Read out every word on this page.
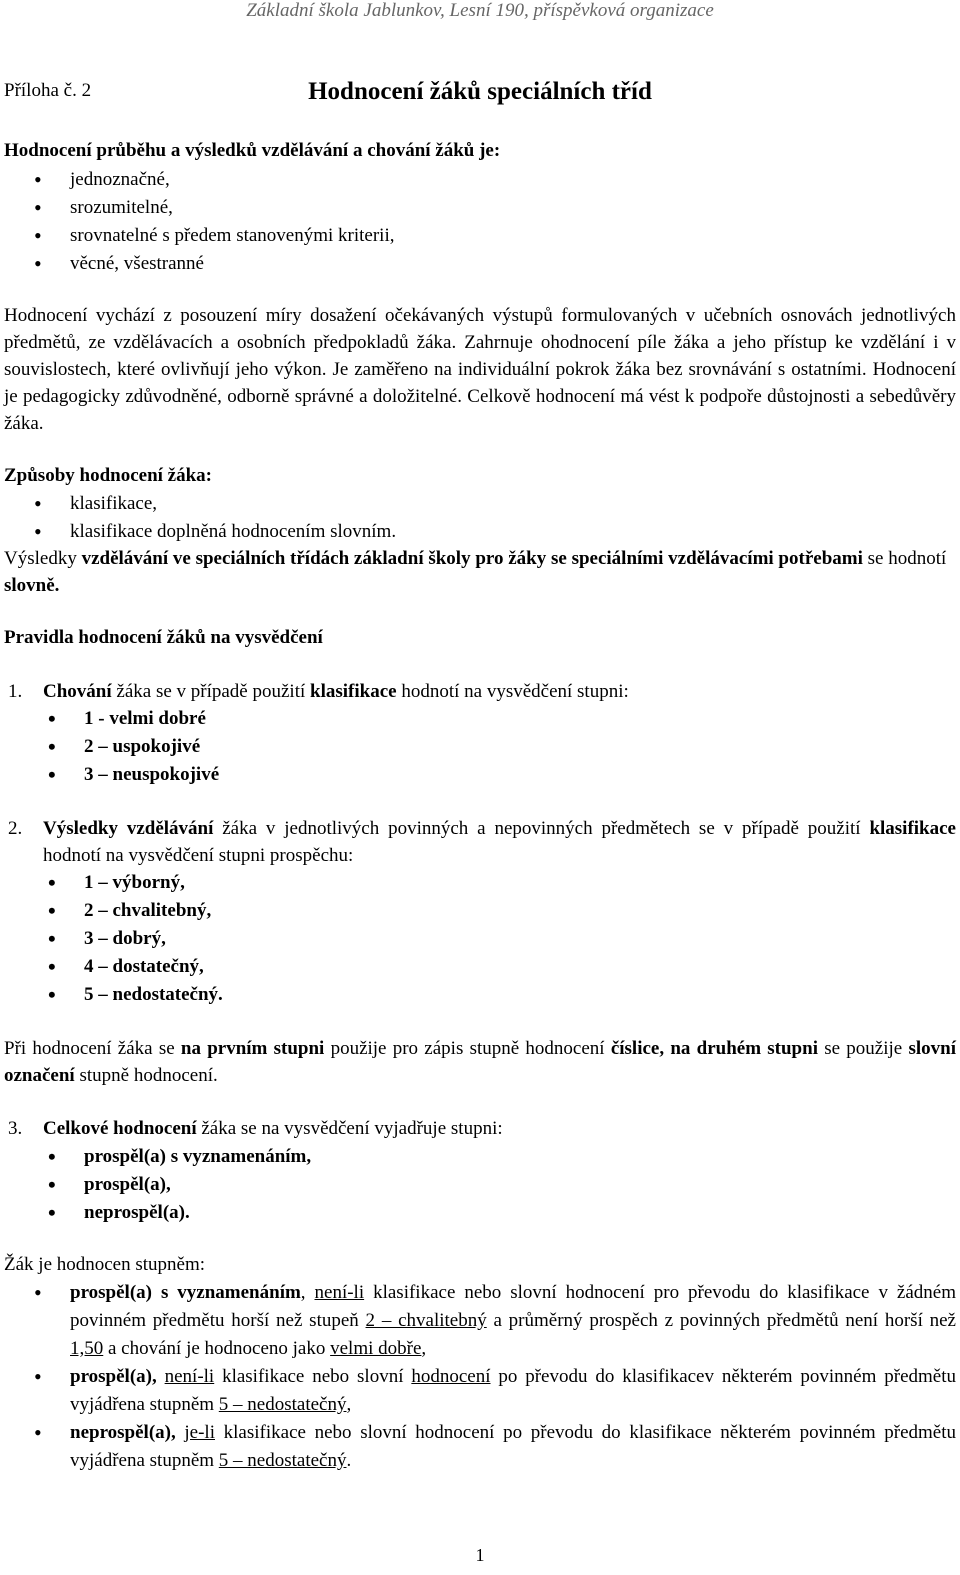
Základní škola Jablunkov, Lesní 190, příspěvková organizace
Příloha č. 2	Hodnocení žáků speciálních tříd
Hodnocení průběhu a výsledků vzdělávání a chování žáků je:
• jednoznačné,
• srozumitelné,
• srovnatelné s předem stanovenými kriterii,
• věcné, všestranné
Hodnocení vychází z posouzení míry dosažení očekávaných výstupů formulovaných v učebních osnovách jednotlivých předmětů, ze vzdělávacích a osobních předpokladů žáka. Zahrnuje ohodnocení píle žáka a jeho přístup ke vzdělání i v souvislostech, které ovlivňují jeho výkon. Je zaměřeno na individuální pokrok žáka bez srovnávání s ostatními. Hodnocení je pedagogicky zdůvodněné, odborně správné a doložitelné. Celkově hodnocení má vést k podpoře důstojnosti a sebedůvěry žáka.
Způsoby hodnocení žáka:
• klasifikace,
• klasifikace doplněná hodnocením slovním.
Výsledky vzdělávání ve speciálních třídách základní školy pro žáky se speciálními vzdělávacími potřebami se hodnotí slovně.
Pravidla hodnocení žáků na vysvědčení
1. Chování žáka se v případě použití klasifikace hodnotí na vysvědčení stupni:
• 1 - velmi dobré
• 2 – uspokojivé
• 3 – neuspokojivé
2. Výsledky vzdělávání žáka v jednotlivých povinných a nepovinných předmětech se v případě použití klasifikace hodnotí na vysvědčení stupni prospěchu:
• 1 – výborný,
• 2 – chvalitebný,
• 3 – dobrý,
• 4 – dostatečný,
• 5 – nedostatečný.
Při hodnocení žáka se na prvním stupni použije pro zápis stupně hodnocení číslice, na druhém stupni se použije slovní označení stupně hodnocení.
3. Celkové hodnocení žáka se na vysvědčení vyjadřuje stupni:
• prospěl(a) s vyznamenáním,
• prospěl(a),
• neprospěl(a).
Žák je hodnocen stupněm:
• prospěl(a) s vyznamenáním, není-li klasifikace nebo slovní hodnocení pro převodu do klasifikace v žádném povinném předmětu horší než stupeň 2 – chvalitebný a průměrný prospěch z povinných předmětů není horší než 1,50 a chování je hodnoceno jako velmi dobře,
• prospěl(a), není-li klasifikace nebo slovní hodnocení po převodu do klasifikacev některém povinném předmětu vyjádřena stupněm 5 – nedostatečný,
• neprospěl(a), je-li klasifikace nebo slovní hodnocení po převodu do klasifikace některém povinném předmětu vyjádřena stupněm 5 – nedostatečný.
1
